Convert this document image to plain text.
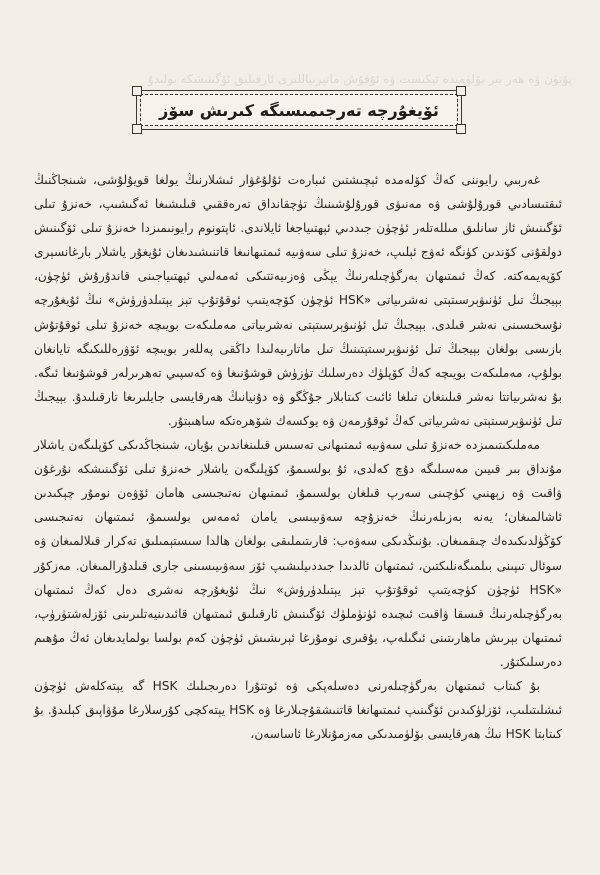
ﭘﯘﺗﯜﻥ ﯞﻩ ﮬﻪﺭ ﺑﯩﺮ ﺑﯚﻟﯜﻣﯩﺪﻩ ﺗﯧﻜﯩﺴﺖ ﯞﻩ ﺋﯘﻗﯘﺵ ﻣﺎﺗﯧﺮﯨﻴﺎﻟﻠﯩﺮﻯ ﺋﺎﺭﻗﯩﻠﯩﻖ ﺋﯚﮔﯩﻨﯩﺸﻜﻪ ﺑﻮﻟﯩﺪﯗ
ئۆيغۇرچە تەرجىمىسىگە كىرىش سۆز

غەربىي رايوننى كەڭ كۆلەمدە ئېچىشتىن ئىبارەت ئۇلۇغۋار ئىشلارنىڭ يولغا قويۇلۇشى، شىنجاڭنىڭ ئىقتىسادىي قورۇلۇشى ۋە مەنىۋى قورۇلۇشىنىڭ تۈچقانداق تەرەققىي قىلىشىغا ئەگىشىپ، خەنزۇ تىلى ئۆگىنىش ئاز سانلىق مىللەتلەر ئۈچۈن جىددىي ئېھتىياجغا ئايلاندى. ئاپتونوم رايونىمىزدا خەنزۇ تىلى ئۆگىنىش دولقۇنى كۆندىن كۈنگە ئەۋج ئېلىپ، خەنزۇ تىلى سەۋىيە ئىمتىھانىغا قاتنىشىدىغان ئۇيغۇر ياشلار بارغانسېرى كۆپەيمەكتە. كەڭ ئىمتىھان بەرگۈچىلەرنىڭ يېڭى ۋەزىيەتتىكى ئەمەلىي ئېھتىياجىنى قاندۇرۇش ئۈچۈن، بېيجىڭ تىل ئۈنىۋېرسىتېتى نەشرىياتى «HSK ئۈچۈن كۆچەيتىپ ئوقۇتۇپ تېز يېتىلدۈرۈش» نىڭ ئۇيغۇرچە نۇسخىسىنى نەشر قىلدى. بېيجىڭ تىل ئۈنىۋېرسىتېتى نەشرىياتى مەملىكەت بويىچە خەنزۇ تىلى ئوقۇتۇش بازىسى بولغان بېيجىڭ تىل ئۈنىۋېرسىتېتىنىڭ تىل ماتارىيەلىدا داڭقى پەللەر بويىچە ئۆۋرەللىكىگە تايانغان بولۇپ، مەملىكەت بويىچە كەڭ كۆپلۈك دەرسلىك تۈزۈش قوشۇنىغا ۋە كەسپىي تەھرىرلەر قوشۇنىغا ئىگە. بۇ نەشرىياتتا نەشر قىلىنغان تىلغا ئائىت كىتابلار جۇڭگو ۋە دۇنيانىڭ ھەرقايسى جايلىرىغا تارقىلىدۇ. بېيجىڭ تىل ئۈنىۋېرسىتېتى نەشرىياتى كەڭ ئوقۇرمەن ۋە يوكسەك شۆھرەتكە ساھىبتۇر.

مەملىكىتىمىزدە خەنزۇ تىلى سەۋىيە ئىمتىھانى تەسىس قىلىنغاندىن بۇيان، شىنجاڭدىكى كۆپلىگەن ياشلار مۇنداق بىر قىيىن مەسىلىگە دۇچ كەلدى، ئۇ بولسىمۇ، كۆپلىگەن ياشلار خەنزۇ تىلى ئۆگىنىشكە نۇرغۇن ۋاقىت ۋە زېھنىي كۈچىنى سەرپ قىلغان بولسىمۇ، ئىمتىھان نەتىجىسى ھامان ئۆۋەن نومۇر چېكىدىن ئاشالمىغان؛ يەنە بەزىلەرنىڭ خەنزۇچە سەۋىيىسى يامان ئەمەس بولسىمۇ، ئىمتىھان نەتىجىسى كۆڭۈلدىكىدەك چىقمىغان. بۇنىڭدىكى سەۋەب: قارىتىملىقى بولغان ھالدا سىستېمىلىق تەكرار قىلالمىغان ۋە سوئال تىپىنى بىلمىگەنلىكتىن، ئىمتىھان ئالدىدا جىددىيلىشىپ ئۆز سەۋىيىسىنى جارى قىلدۇرالمىغان. مەزكۇر «HSK ئۈچۈن كۈچەيتىپ ئوقۇتۇپ تېز يېتىلدۈرۈش» نىڭ ئۇيغۇرچە نەشرى دەل كەڭ ئىمتىھان بەرگۈچىلەرنىڭ قىسقا ۋاقىت ئىچىدە ئۈنۈملۈك ئۆگىنىش ئارقىلىق ئىمتىھان قائىدىنيەتلىرىنى ئۆزلەشتۈرۈپ، ئىمتىھان بېرىش ماھارىتىنى ئىگىلەپ، يۇقىرى نومۇرغا ئېرىشىش ئۈچۈن كەم بولسا بولمايدىغان ئەڭ مۇھىم دەرسلىكتۇر.

بۇ كىتاب ئىمتىھان بەرگۈچىلەرنى دەسلەپكى ۋە ئوتتۇرا دەرىجىلىك HSK گە يېتەكلەش ئۈچۈن ئىشلىتىلىپ، ئۆزلۈكىدىن ئۆگىنىپ ئىمتىھانغا قاتنىشقۇچىلارغا ۋە HSK يېتەكچى كۇرسلارغا مۇۋاپىق كېلىدۇ. بۇ كىتابتا HSK نىڭ ھەرقايسى بۆلۈمىدىكى مەزمۇنلارغا ئاساسەن،
